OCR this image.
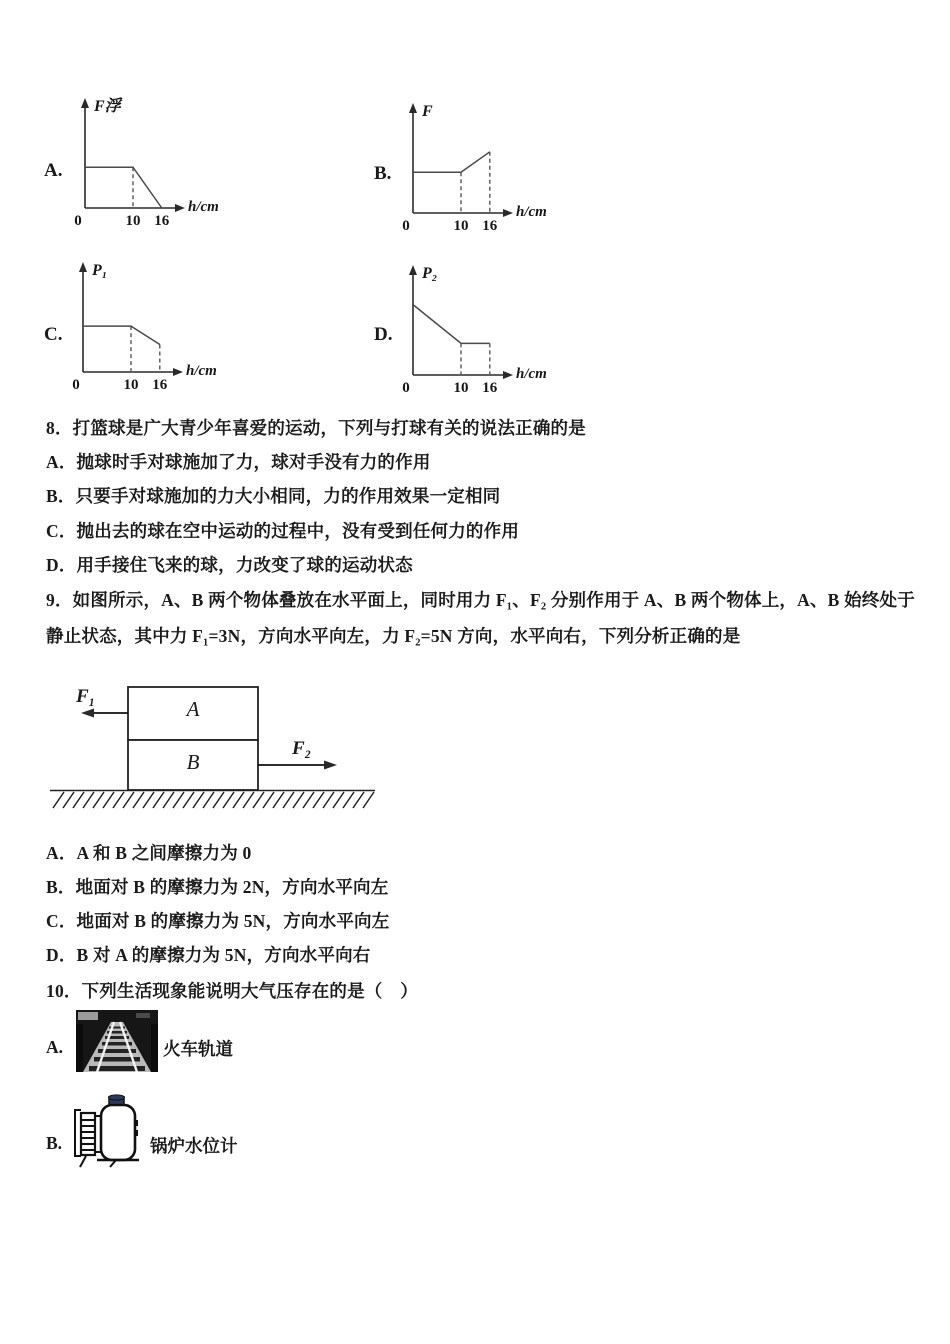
A.
0	10 16
F浮
h/cm
B.
0	10 16
F
h/cm
C.
0	10 16
P₁
h/cm
D.
0	10 16
P₂
h/cm
8．打篮球是广大青少年喜爱的运动，下列与打球有关的说法正确的是
A．抛球时手对球施加了力，球对手没有力的作用
B．只要手对球施加的力大小相同，力的作用效果一定相同
C．抛出去的球在空中运动的过程中，没有受到任何力的作用
D．用手接住飞来的球，力改变了球的运动状态
9．如图所示，A、B 两个物体叠放在水平面上，同时用力 F₁、F₂ 分别作用于 A、B 两个物体上，A、B 始终处于静止状态，其中力 F₁=3N，方向水平向左，力 F₂=5N 方向，水平向右，下列分析正确的是
F₁
A
B
F₂
A．A 和 B 之间摩擦力为 0
B．地面对 B 的摩擦力为 2N，方向水平向左
C．地面对 B 的摩擦力为 5N，方向水平向左
D．B 对 A 的摩擦力为 5N，方向水平向右
10．下列生活现象能说明大气压存在的是（　）
A.	火车轨道
B.	锅炉水位计
